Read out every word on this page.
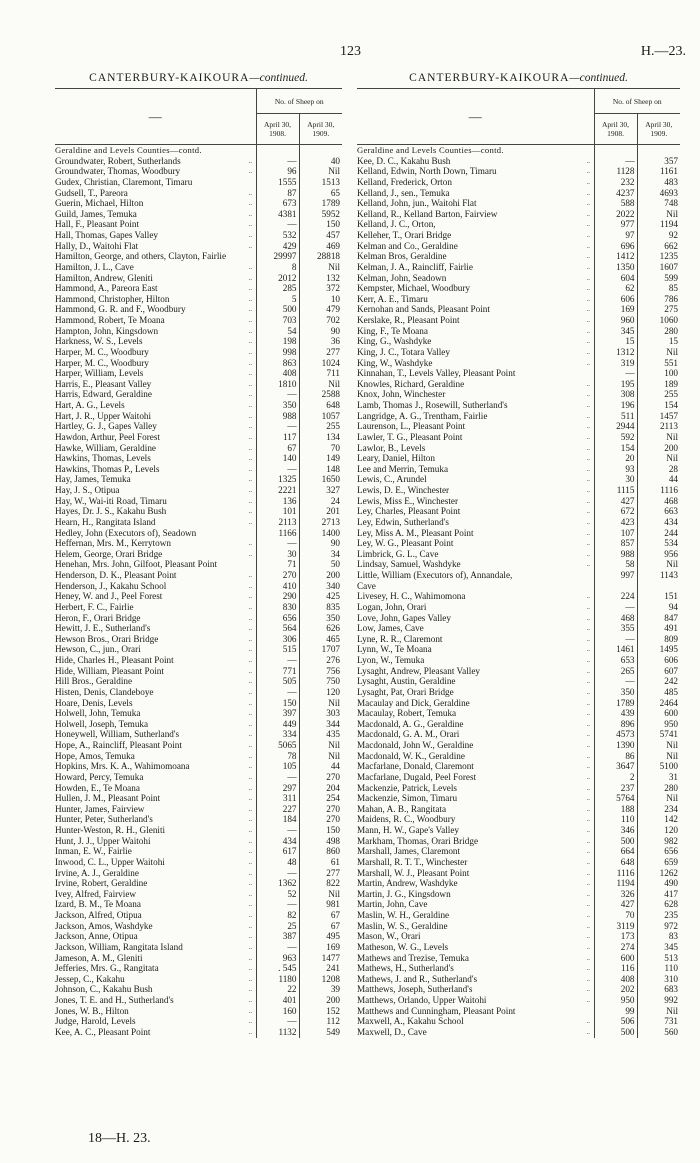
123	H.—23.
CANTERBURY-KAIKOURA—continued.
—	No. of Sheep on	
	April 30, 1908.	April 30, 1909.
Geraldine and Levels Counties—contd.			
Groundwater, Robert, Sutherlands	..	—	40
Groundwater, Thomas, Woodbury	..	96	Nil
Gudex, Christian, Claremont, Timaru		1555	1513
Gudsell, T., Pareora	..	87	65
Guerin, Michael, Hilton	..	673	1789
Guild, James, Temuka	..	4381	5952
Hall, F., Pleasant Point	..	—	150
Hall, Thomas, Gapes Valley	..	532	457
Hally, D., Waitohi Flat	..	429	469
Hamilton, George, and others, Clayton, Fairlie		29997	28818
Hamilton, J. L., Cave	..	8	Nil
Hamilton, Andrew, Gleniti	..	2012	132
Hammond, A., Pareora East	..	285	372
Hammond, Christopher, Hilton	..	5	10
Hammond, G. R. and F., Woodbury	..	500	479
Hammond, Robert, Te Moana	..	703	702
Hampton, John, Kingsdown	..	54	90
Harkness, W. S., Levels	..	198	36
Harper, M. C., Woodbury	..	998	277
Harper, M. C., Woodbury	..	863	1024
Harper, William, Levels	..	408	711
Harris, E., Pleasant Valley	..	1810	Nil
Harris, Edward, Geraldine	..	—	2588
Hart, A. G., Levels	..	350	648
Hart, J. R., Upper Waitohi	..	988	1057
Hartley, G. J., Gapes Valley	..	—	255
Hawdon, Arthur, Peel Forest	..	117	134
Hawke, William, Geraldine	..	67	70
Hawkins, Thomas, Levels	..	140	149
Hawkins, Thomas P., Levels	..	—	148
Hay, James, Temuka	..	1325	1650
Hay, J. S., Otipua	..	2221	327
Hay, W., Wai-iti Road, Timaru	..	136	24
Hayes, Dr. J. S., Kakahu Bush	..	101	201
Hearn, H., Rangitata Island	..	2113	2713
Hedley, John (Executors of), Seadown		1166	1400
Heffernan, Mrs. M., Kerrytown	..	—	90
Helem, George, Orari Bridge	..	30	34
Henehan, Mrs. John, Gilfoot, Pleasant Point		71	50
Henderson, D. K., Pleasant Point	..	270	200
Henderson, J., Kakahu School	..	410	340
Heney, W. and J., Peel Forest	..	290	425
Herbert, F. C., Fairlie	..	830	835
Heron, F., Orari Bridge	..	656	350
Hewitt, J. E., Sutherland's	..	564	626
Hewson Bros., Orari Bridge	..	306	465
Hewson, C., jun., Orari	..	515	1707
Hide, Charles H., Pleasant Point	..	—	276
Hide, William, Pleasant Point	..	771	756
Hill Bros., Geraldine	..	505	750
Histen, Denis, Clandeboye	..	—	120
Hoare, Denis, Levels	..	150	Nil
Holwell, John, Temuka	..	397	303
Holwell, Joseph, Temuka	..	449	344
Honeywell, William, Sutherland's	..	334	435
Hope, A., Raincliff, Pleasant Point	..	5065	Nil
Hope, Amos, Temuka	..	78	Nil
Hopkins, Mrs. K. A., Wahimomoana	..	105	44
Howard, Percy, Temuka	..	—	270
Howden, E., Te Moana	..	297	204
Hullen, J. M., Pleasant Point	..	311	254
Hunter, James, Fairview	..	227	270
Hunter, Peter, Sutherland's	..	184	270
Hunter-Weston, R. H., Gleniti	..	—	150
Hunt, J. J., Upper Waitohi	..	434	498
Inman, E. W., Fairlie	..	617	860
Inwood, C. L., Upper Waitohi	..	48	61
Irvine, A. J., Geraldine	..	—	277
Irvine, Robert, Geraldine	..	1362	822
Ivey, Alfred, Fairview	..	52	Nil
Izard, B. M., Te Moana	..	—	981
Jackson, Alfred, Otipua	..	82	67
Jackson, Amos, Washdyke	..	25	67
Jackson, Anne, Otipua	..	387	495
Jackson, William, Rangitata Island	..	—	169
Jameson, A. M., Gleniti	..	963	1477
Jefferies, Mrs. G., Rangitata	..	. 545	241
Jessep, C., Kakahu	..	1180	1208
Johnson, C., Kakahu Bush	..	22	39
Jones, T. E. and H., Sutherland's	..	401	200
Jones, W. B., Hilton	..	160	152
Judge, Harold, Levels	..	—	112
Kee, A. C., Pleasant Point	..	1132	549
CANTERBURY-KAIKOURA—continued.
—	No. of Sheep on	
	April 30, 1908.	April 30, 1909.
Geraldine and Levels Counties—contd.			
Kee, D. C., Kakahu Bush	..	—	357
Kelland, Edwin, North Down, Timaru	..	1128	1161
Kelland, Frederick, Orton	..	232	483
Kelland, J., sen., Temuka	..	4237	4693
Kelland, John, jun., Waitohi Flat	..	588	748
Kelland, R., Kelland Barton, Fairview	..	2022	Nil
Kelland, J. C., Orton,	..	977	1194
Kelleher, T., Orari Bridge	..	97	92
Kelman and Co., Geraldine	..	696	662
Kelman Bros, Geraldine	..	1412	1235
Kelman, J. A., Raincliff, Fairlie	..	1350	1607
Kelman, John, Seadown	..	604	599
Kempster, Michael, Woodbury	..	62	85
Kerr, A. E., Timaru	..	606	786
Kernohan and Sands, Pleasant Point	..	169	275
Kerslake, R., Pleasant Point	..	960	1060
King, F., Te Moana	..	345	280
King, G., Washdyke	..	15	15
King, J. C., Totara Valley	..	1312	Nil
King, W., Washdyke	..	319	551
Kinnahan, T., Levels Valley, Pleasant Point		—	100
Knowles, Richard, Geraldine	..	195	189
Knox, John, Winchester	..	308	255
Lamb, Thomas J., Rosewill, Sutherland's	..	196	154
Langridge, A. G., Trentham, Fairlie	..	511	1457
Laurenson, L., Pleasant Point	..	2944	2113
Lawler, T. G., Pleasant Point	..	592	Nil
Lawlor, B., Levels	..	154	200
Leary, Daniel, Hilton	..	20	Nil
Lee and Merrin, Temuka	..	93	28
Lewis, C., Arundel	..	30	44
Lewis, D. E., Winchester	..	1115	1116
Lewis, Miss E., Winchester	..	427	468
Ley, Charles, Pleasant Point	..	672	663
Ley, Edwin, Sutherland's	..	423	434
Ley, Miss A. M., Pleasant Point	..	107	244
Ley, W. G., Pleasant Point	..	857	534
Limbrick, G. L., Cave	..	988	956
Lindsay, Samuel, Washdyke	..	58	Nil
Little, William (Executors of), Annandale,		997	1143
Cave			
Livesey, H. C., Wahimomona	..	224	151
Logan, John, Orari	..	—	94
Love, John, Gapes Valley	..	468	847
Low, James, Cave	..	355	491
Lyne, R. R., Claremont	..	—	809
Lynn, W., Te Moana	..	1461	1495
Lyon, W., Temuka	..	653	606
Lysaght, Andrew, Pleasant Valley	..	265	607
Lysaght, Austin, Geraldine	..	—	242
Lysaght, Pat, Orari Bridge	..	350	485
Macaulay and Dick, Geraldine	..	1789	2464
Macaulay, Robert, Temuka	..	439	600
Macdonald, A. G., Geraldine	..	896	950
Macdonald, G. A. M., Orari	..	4573	5741
Macdonald, John W., Geraldine	..	1390	Nil
Macdonald, W. K., Geraldine	..	86	Nil
Macfarlane, Donald, Claremont	..	3647	5100
Macfarlane, Dugald, Peel Forest	..	2	31
Mackenzie, Patrick, Levels	..	237	280
Mackenzie, Simon, Timaru	..	5764	Nil
Mahan, A. B., Rangitata	..	188	234
Maidens, R. C., Woodbury	..	110	142
Mann, H. W., Gape's Valley	..	346	120
Markham, Thomas, Orari Bridge	..	500	982
Marshall, James, Claremont	..	664	656
Marshall, R. T. T., Winchester	..	648	659
Marshall, W. J., Pleasant Point	..	1116	1262
Martin, Andrew, Washdyke	..	1194	490
Martin, J. G., Kingsdown	..	326	417
Martin, John, Cave	..	427	628
Maslin, W. H., Geraldine	..	70	235
Maslin, W. S., Geraldine	..	3119	972
Mason, W., Orari	..	173	83
Matheson, W. G., Levels	..	274	345
Mathews and Trezise, Temuka	..	600	513
Mathews, H., Sutherland's	..	116	110
Mathews, J. and R., Sutherland's	..	408	310
Matthews, Joseph, Sutherland's	..	202	683
Matthews, Orlando, Upper Waitohi	..	950	992
Matthews and Cunningham, Pleasant Point		99	Nil
Maxwell, A., Kakahu School	..	506	731
Maxwell, D., Cave	..	500	560
18—H. 23.
